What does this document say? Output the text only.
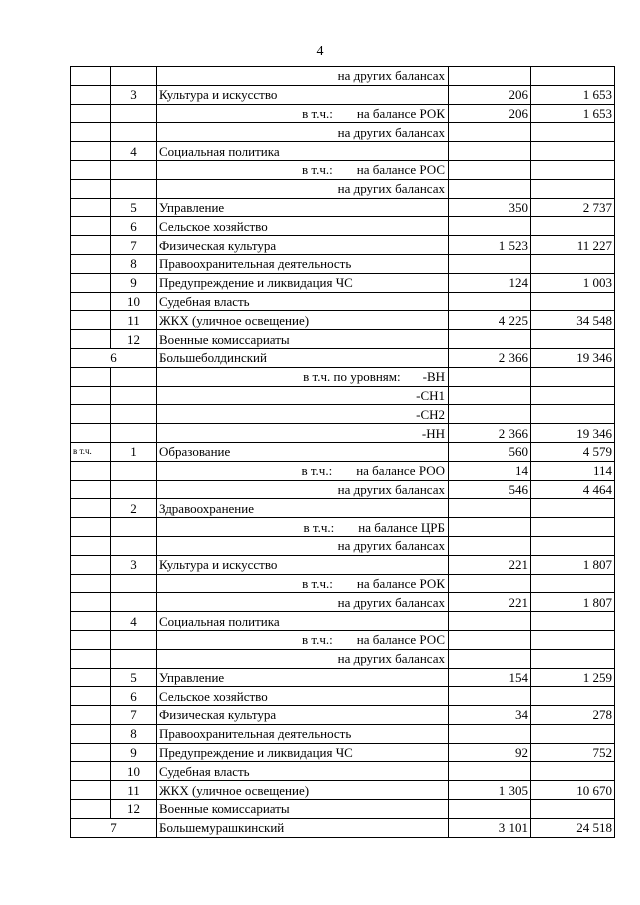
4
		на других балансах		
	3	Культура и искусство	206	1 653
		в т.ч.: на балансе РОК	206	1 653
		на других балансах		
	4	Социальная политика		
		в т.ч.: на балансе РОС		
		на других балансах		
	5	Управление	350	2 737
	6	Сельское хозяйство		
	7	Физическая культура	1 523	11 227
	8	Правоохранительная деятельность		
	9	Предупреждение и ликвидация ЧС	124	1 003
	10	Судебная власть		
	11	ЖКХ (уличное освещение)	4 225	34 548
	12	Военные комиссариаты		
6		Большеболдинский	2 366	19 346
		в т.ч. по уровням: -ВН		
		-СН1		
		-СН2		
		-НН	2 366	19 346
в т.ч.	1	Образование	560	4 579
		в т.ч.: на балансе РОО	14	114
		на других балансах	546	4 464
	2	Здравоохранение		
		в т.ч.: на балансе ЦРБ		
		на других балансах		
	3	Культура и искусство	221	1 807
		в т.ч.: на балансе РОК		
		на других балансах	221	1 807
	4	Социальная политика		
		в т.ч.: на балансе РОС		
		на других балансах		
	5	Управление	154	1 259
	6	Сельское хозяйство		
	7	Физическая культура	34	278
	8	Правоохранительная деятельность		
	9	Предупреждение и ликвидация ЧС	92	752
	10	Судебная власть		
	11	ЖКХ (уличное освещение)	1 305	10 670
	12	Военные комиссариаты		
7		Большемурашкинский	3 101	24 518
